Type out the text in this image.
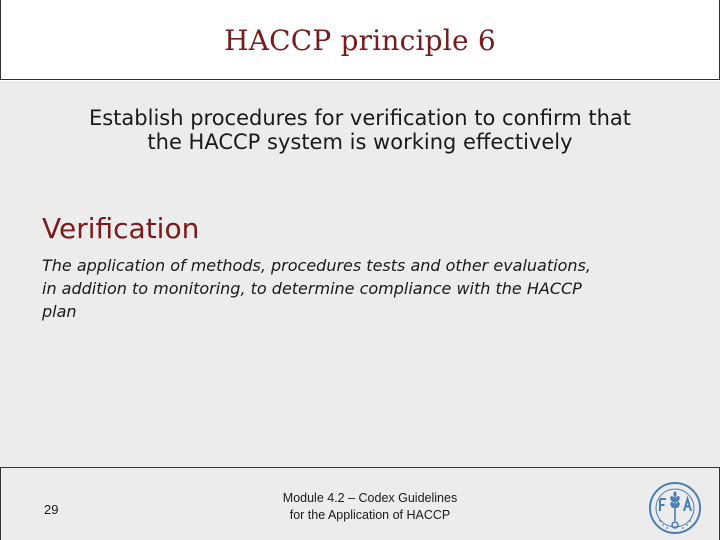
HACCP principle 6
Establish procedures for verification to confirm that
the HACCP system is working effectively
Verification
The application of methods, procedures tests and other evaluations,
in addition to monitoring, to determine compliance with the HACCP
plan
29
Module 4.2 – Codex Guidelines
for the Application of HACCP
